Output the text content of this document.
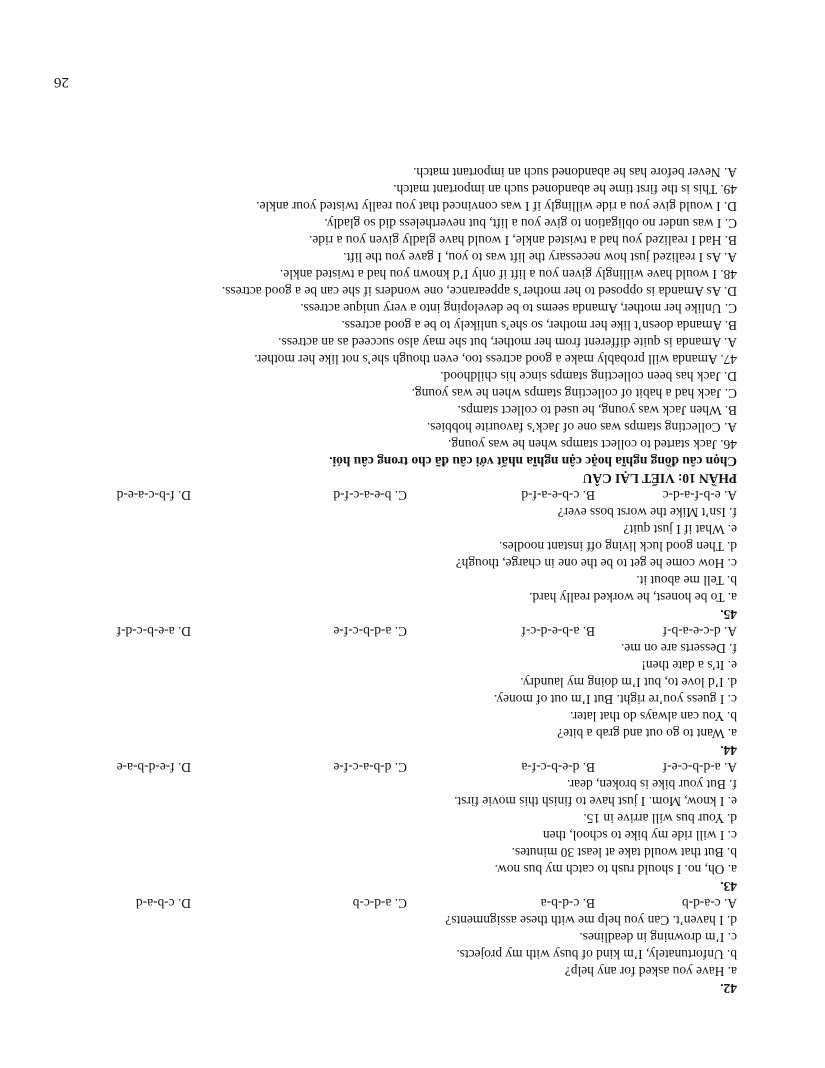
42.
a. Have you asked for any help?
b. Unfortunately, I’m kind of busy with my projects.
c. I’m drowning in deadlines.
d. I haven’t. Can you help me with these assignments?
A. c-a-d-b
B. c-d-b-a
C. a-d-c-b
D. c-b-a-d
43.
a. Oh, no. I should rush to catch my bus now.
b. But that would take at least 30 minutes.
c. I will ride my bike to school, then
d. Your bus will arrive in 15.
e. I know, Mom. I just have to finish this movie first.
f. But your bike is broken, dear.
A. a-d-b-c-e-f
B. d-e-b-c-f-a
C. d-b-a-c-f-e
D. f-e-d-b-a-e
44.
a. Want to go out and grab a bite?
b. You can always do that later.
c. I guess you’re right. But I’m out of money.
d. I’d love to, but I’m doing my laundry.
e. It’s a date then!
f. Desserts are on me.
A. d-c-e-a-b-f
B. a-b-e-d-c-f
C. a-d-b-c-f-e
D. a-e-b-c-d-f
45.
a. To be honest, he worked really hard.
b. Tell me about it.
c. How come he get to be the one in charge, though?
d. Then good luck living off instant noodles.
e. What if I just quit?
f. Isn’t Mike the worst boss ever?
A. e-b-f-a-d-c
B. c-b-e-a-f-d
C. b-e-a-c-f-d
D. f-b-c-a-e-d
PHẦN 10: VIẾT LẠI CÂU
Chọn câu đồng nghĩa hoặc cận nghĩa nhất với câu đã cho trong câu hỏi.
46. Jack started to collect stamps when he was young.
A. Collecting stamps was one of Jack’s favourite hobbies.
B. When Jack was young, he used to collect stamps.
C. Jack had a habit of collecting stamps when he was young.
D. Jack has been collecting stamps since his childhood.
47. Amanda will probably make a good actress too, even though she’s not like her mother.
A. Amanda is quite different from her mother, but she may also succeed as an actress.
B. Amanda doesn’t like her mother, so she’s unlikely to be a good actress.
C. Unlike her mother, Amanda seems to be developing into a very unique actress.
D. As Amanda is opposed to her mother’s appearance, one wonders if she can be a good actress.
48. I would have willingly given you a lift if only I’d known you had a twisted ankle.
A. As I realized just how necessary the lift was to you, I gave you the lift.
B. Had I realized you had a twisted ankle, I would have gladly given you a ride.
C. I was under no obligation to give you a lift, but nevertheless did so gladly.
D. I would give you a ride willingly if I was convinced that you really twisted your ankle.
49. This is the first time he abandoned such an important match.
A. Never before has he abandoned such an important match.
26
